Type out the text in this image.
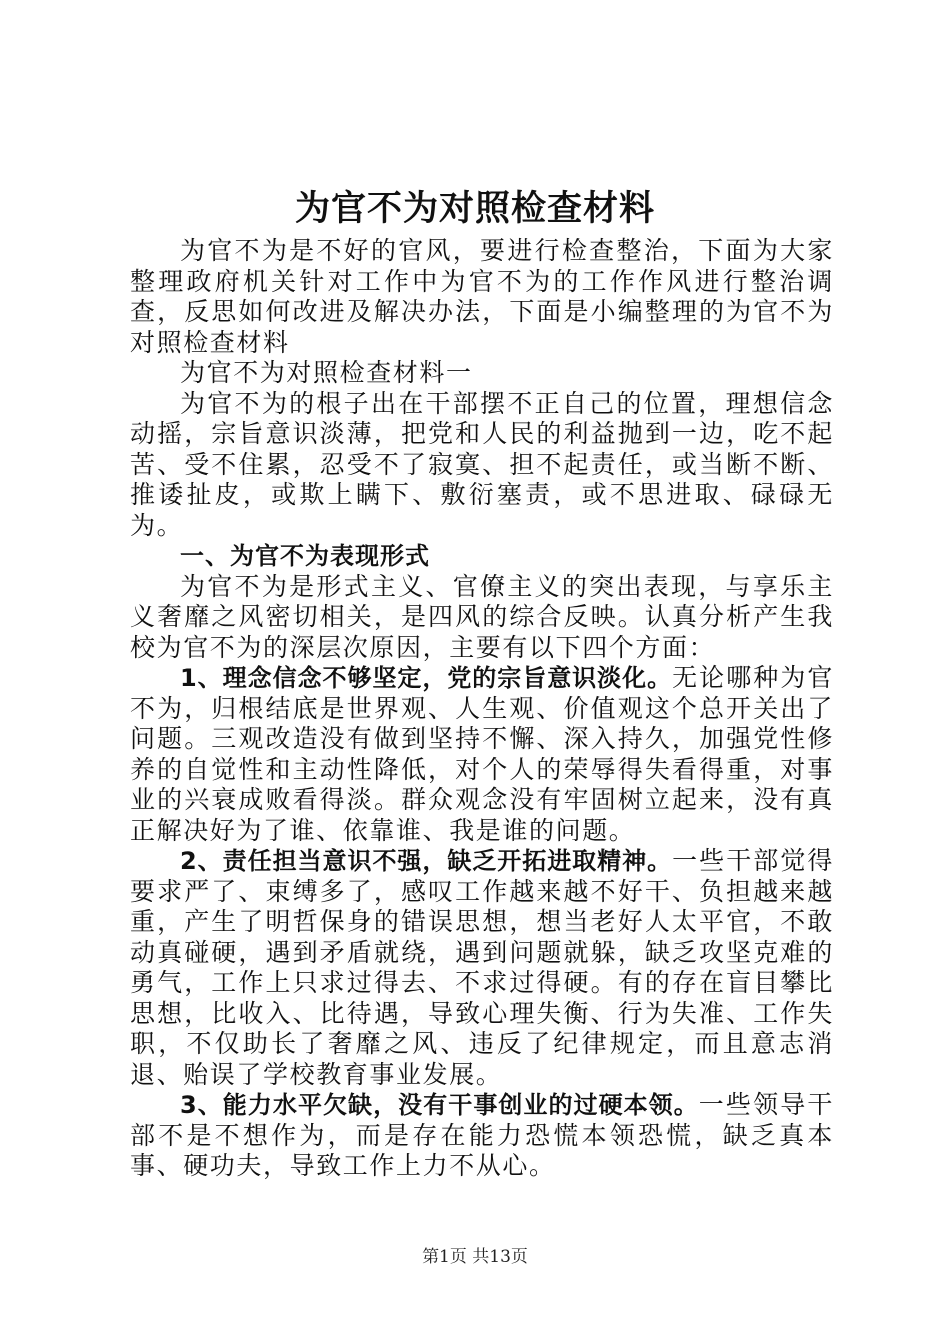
为官不为对照检查材料

为官不为是不好的官风，要进行检查整治，下面为大家整理政府机关针对工作中为官不为的工作作风进行整治调查，反思如何改进及解决办法，下面是小编整理的为官不为对照检查材料

为官不为对照检查材料一

为官不为的根子出在干部摆不正自己的位置，理想信念动摇，宗旨意识淡薄，把党和人民的利益抛到一边，吃不起苦、受不住累，忍受不了寂寞、担不起责任，或当断不断、推诿扯皮，或欺上瞒下、敷衍塞责，或不思进取、碌碌无为。

一、为官不为表现形式

为官不为是形式主义、官僚主义的突出表现，与享乐主义奢靡之风密切相关，是四风的综合反映。认真分析产生我校为官不为的深层次原因，主要有以下四个方面：

1、理念信念不够坚定，党的宗旨意识淡化。无论哪种为官不为，归根结底是世界观、人生观、价值观这个总开关出了问题。三观改造没有做到坚持不懈、深入持久，加强党性修养的自觉性和主动性降低，对个人的荣辱得失看得重，对事业的兴衰成败看得淡。群众观念没有牢固树立起来，没有真正解决好为了谁、依靠谁、我是谁的问题。

2、责任担当意识不强，缺乏开拓进取精神。一些干部觉得要求严了、束缚多了，感叹工作越来越不好干、负担越来越重，产生了明哲保身的错误思想，想当老好人太平官，不敢动真碰硬，遇到矛盾就绕，遇到问题就躲，缺乏攻坚克难的勇气，工作上只求过得去、不求过得硬。有的存在盲目攀比思想，比收入、比待遇，导致心理失衡、行为失准、工作失职，不仅助长了奢靡之风、违反了纪律规定，而且意志消退、贻误了学校教育事业发展。

3、能力水平欠缺，没有干事创业的过硬本领。一些领导干部不是不想作为，而是存在能力恐慌本领恐慌，缺乏真本事、硬功夫，导致工作上力不从心。

第1页 共13页
